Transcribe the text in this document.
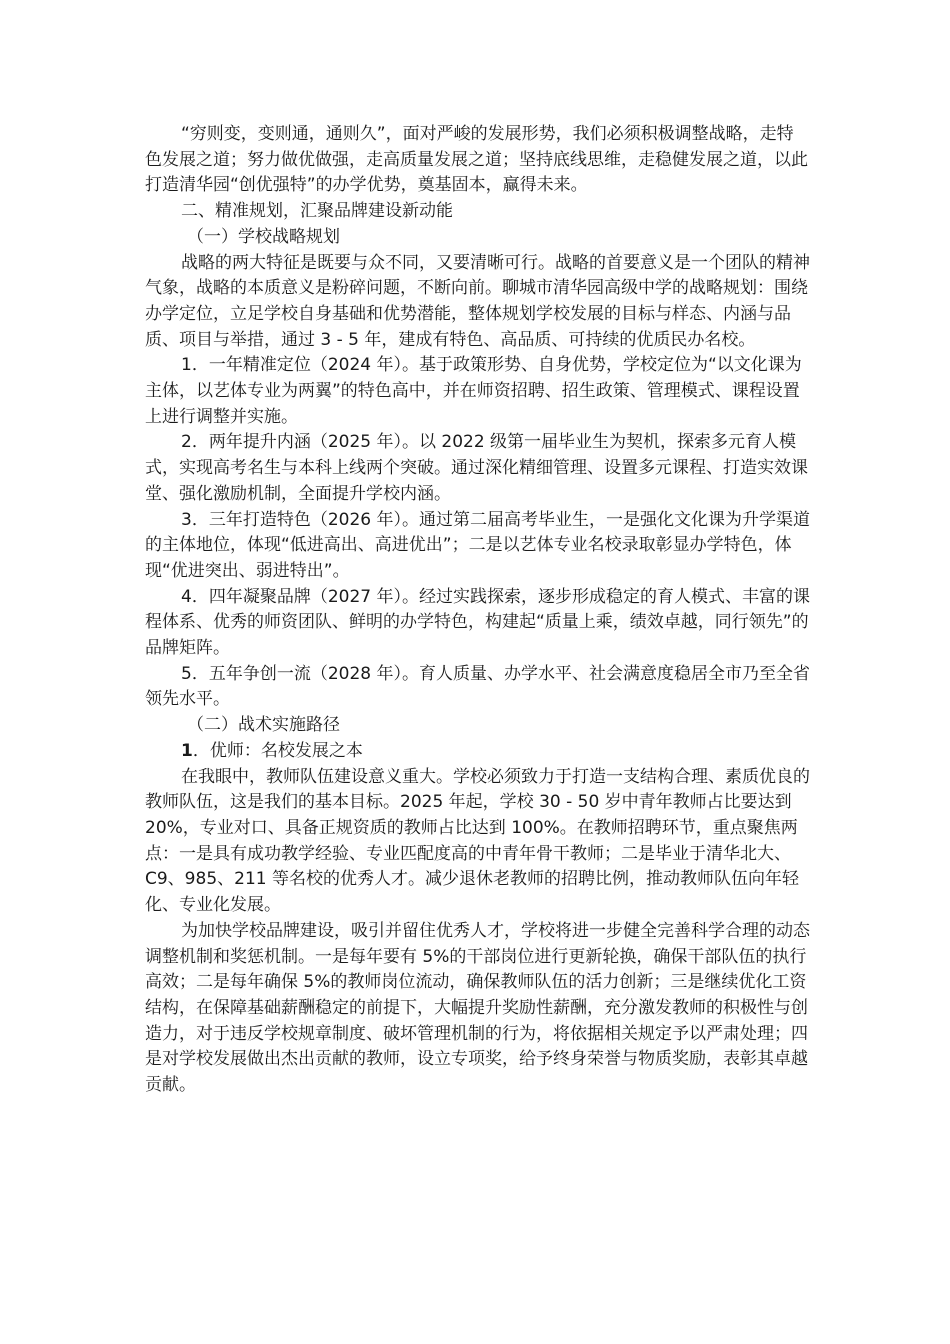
“穷则变，变则通，通则久”，面对严峻的发展形势，我们必须积极调整战略，走特色发展之道；努力做优做强，走高质量发展之道；坚持底线思维，走稳健发展之道，以此打造清华园“创优强特”的办学优势，奠基固本，赢得未来。

二、精准规划，汇聚品牌建设新动能

（一）学校战略规划

战略的两大特征是既要与众不同，又要清晰可行。战略的首要意义是一个团队的精神气象，战略的本质意义是粉碎问题，不断向前。聊城市清华园高级中学的战略规划：围绕办学定位，立足学校自身基础和优势潜能，整体规划学校发展的目标与样态、内涵与品质、项目与举措，通过 3 - 5 年，建成有特色、高品质、可持续的优质民办名校。

1．一年精准定位（2024 年）。基于政策形势、自身优势，学校定位为“以文化课为主体，以艺体专业为两翼”的特色高中，并在师资招聘、招生政策、管理模式、课程设置上进行调整并实施。

2．两年提升内涵（2025 年）。以 2022 级第一届毕业生为契机，探索多元育人模式，实现高考名生与本科上线两个突破。通过深化精细管理、设置多元课程、打造实效课堂、强化激励机制，全面提升学校内涵。

3．三年打造特色（2026 年）。通过第二届高考毕业生，一是强化文化课为升学渠道的主体地位，体现“低进高出、高进优出”；二是以艺体专业名校录取彰显办学特色，体现“优进突出、弱进特出”。

4．四年凝聚品牌（2027 年）。经过实践探索，逐步形成稳定的育人模式、丰富的课程体系、优秀的师资团队、鲜明的办学特色，构建起“质量上乘，绩效卓越，同行领先”的品牌矩阵。

5．五年争创一流（2028 年）。育人质量、办学水平、社会满意度稳居全市乃至全省领先水平。

（二）战术实施路径

1．优师：名校发展之本

在我眼中，教师队伍建设意义重大。学校必须致力于打造一支结构合理、素质优良的教师队伍，这是我们的基本目标。2025 年起，学校 30 - 50 岁中青年教师占比要达到 20%，专业对口、具备正规资质的教师占比达到 100%。在教师招聘环节，重点聚焦两点：一是具有成功教学经验、专业匹配度高的中青年骨干教师；二是毕业于清华北大、C9、985、211 等名校的优秀人才。减少退休老教师的招聘比例，推动教师队伍向年轻化、专业化发展。

为加快学校品牌建设，吸引并留住优秀人才，学校将进一步健全完善科学合理的动态调整机制和奖惩机制。一是每年要有 5%的干部岗位进行更新轮换，确保干部队伍的执行高效；二是每年确保 5%的教师岗位流动，确保教师队伍的活力创新；三是继续优化工资结构，在保障基础薪酬稳定的前提下，大幅提升奖励性薪酬，充分激发教师的积极性与创造力，对于违反学校规章制度、破坏管理机制的行为，将依据相关规定予以严肃处理；四是对学校发展做出杰出贡献的教师，设立专项奖，给予终身荣誉与物质奖励，表彰其卓越贡献。
